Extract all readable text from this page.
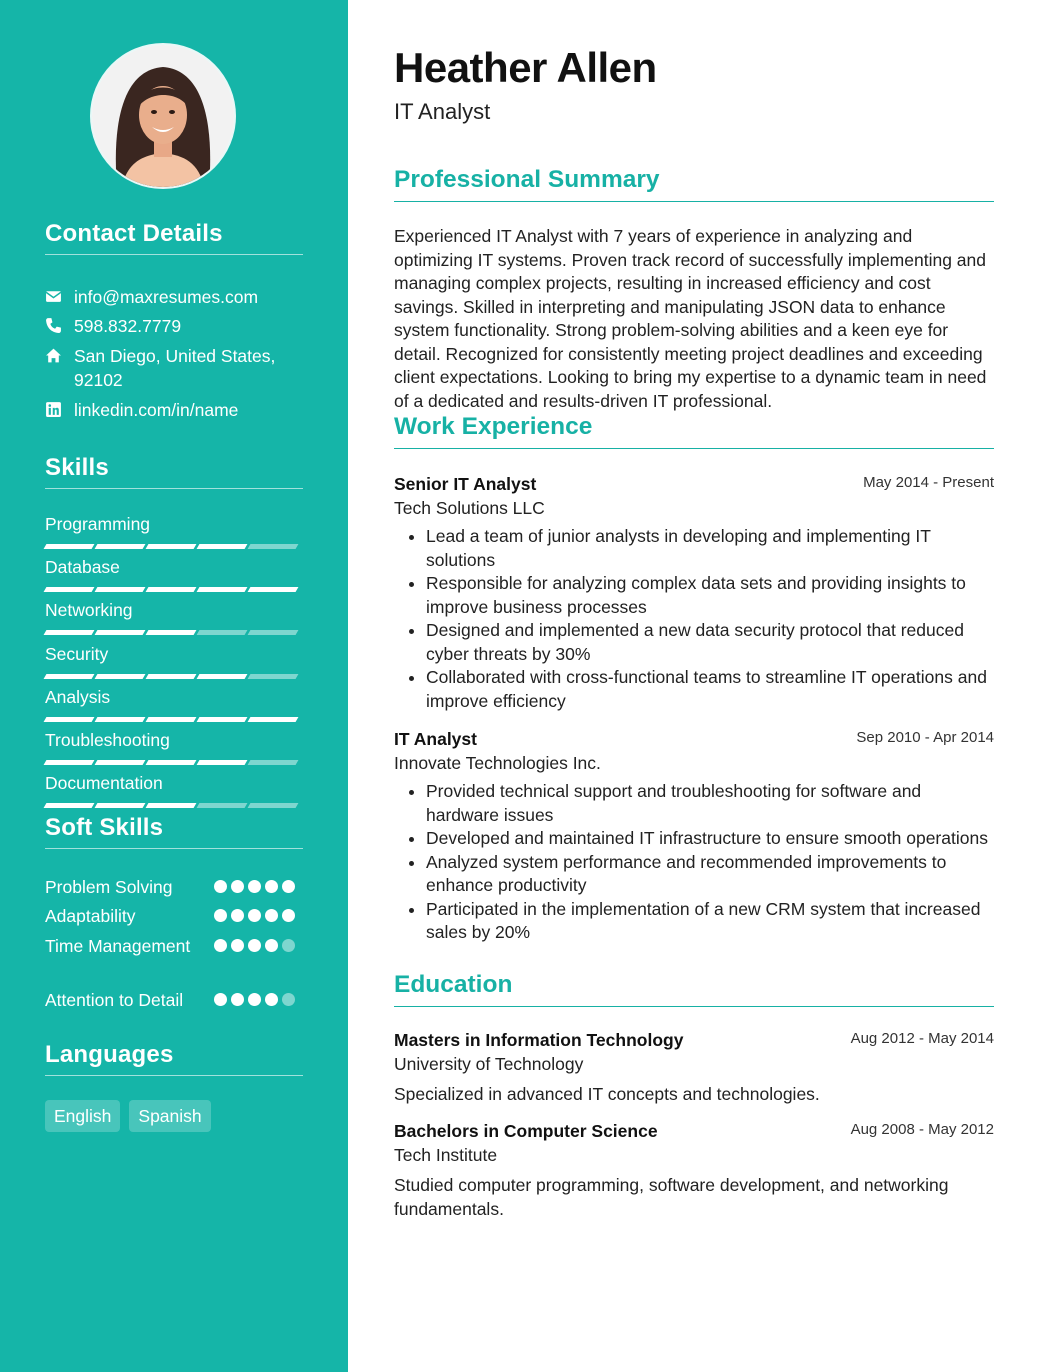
Contact Details
info@maxresumes.com
598.832.7779
San Diego, United States, 92102
linkedin.com/in/name
Skills
Programming
Database
Networking
Security
Analysis
Troubleshooting
Documentation
Soft Skills
Problem Solving
Adaptability
Time Management
Attention to Detail
Languages
English	Spanish
Heather Allen
IT Analyst
Professional Summary
Experienced IT Analyst with 7 years of experience in analyzing and optimizing IT systems. Proven track record of successfully implementing and managing complex projects, resulting in increased efficiency and cost savings. Skilled in interpreting and manipulating JSON data to enhance system functionality. Strong problem-solving abilities and a keen eye for detail. Recognized for consistently meeting project deadlines and exceeding client expectations. Looking to bring my expertise to a dynamic team in need of a dedicated and results-driven IT professional.
Work Experience
Senior IT Analyst	May 2014 - Present
Tech Solutions LLC
• Lead a team of junior analysts in developing and implementing IT solutions
• Responsible for analyzing complex data sets and providing insights to improve business processes
• Designed and implemented a new data security protocol that reduced cyber threats by 30%
• Collaborated with cross-functional teams to streamline IT operations and improve efficiency
IT Analyst	Sep 2010 - Apr 2014
Innovate Technologies Inc.
• Provided technical support and troubleshooting for software and hardware issues
• Developed and maintained IT infrastructure to ensure smooth operations
• Analyzed system performance and recommended improvements to enhance productivity
• Participated in the implementation of a new CRM system that increased sales by 20%
Education
Masters in Information Technology	Aug 2012 - May 2014
University of Technology
Specialized in advanced IT concepts and technologies.
Bachelors in Computer Science	Aug 2008 - May 2012
Tech Institute
Studied computer programming, software development, and networking fundamentals.
